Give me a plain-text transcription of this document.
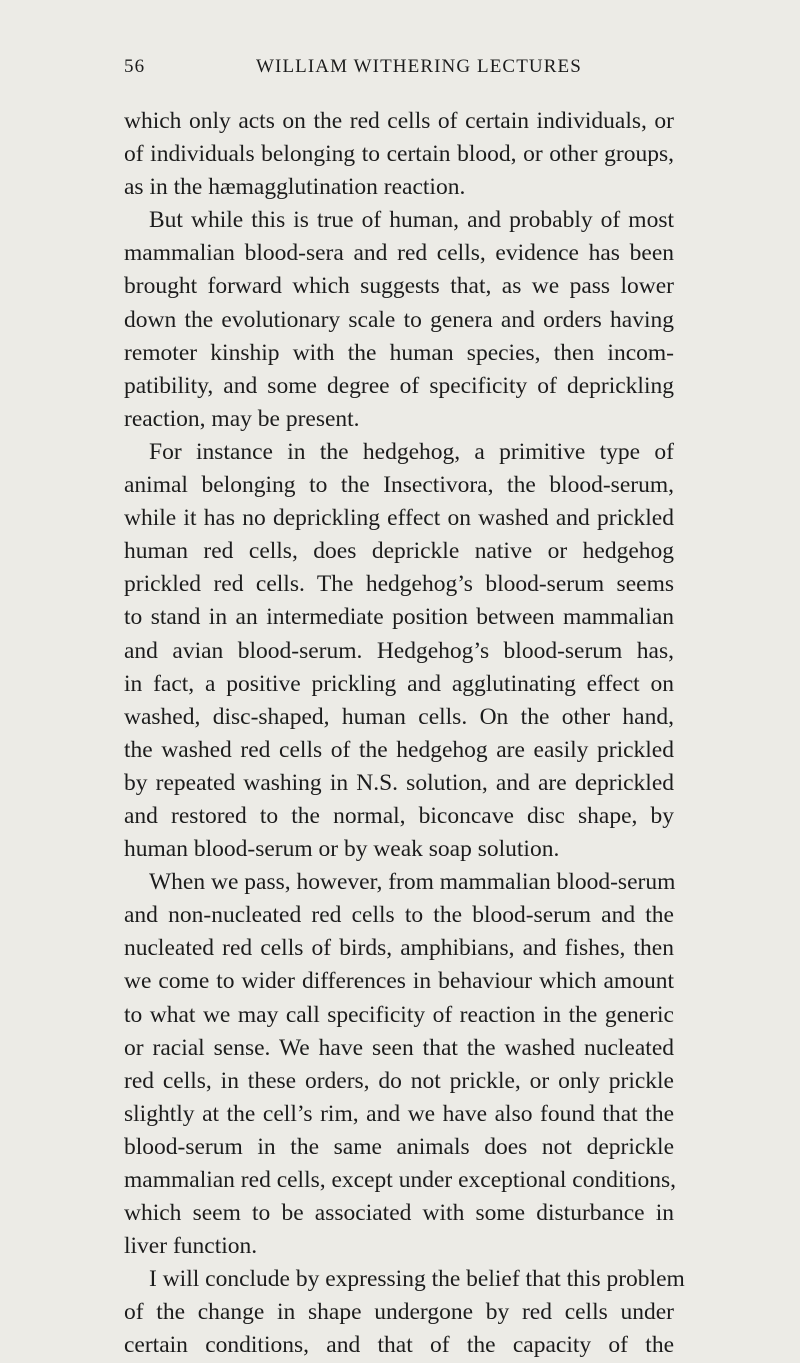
56	WILLIAM WITHERING LECTURES
which only acts on the red cells of certain individuals, or
of individuals belonging to certain blood, or other groups,
as in the hæmagglutination reaction.
But while this is true of human, and probably of most
mammalian blood-sera and red cells, evidence has been
brought forward which suggests that, as we pass lower
down the evolutionary scale to genera and orders having
remoter kinship with the human species, then incom-
patibility, and some degree of specificity of deprickling
reaction, may be present.
For instance in the hedgehog, a primitive type of
animal belonging to the Insectivora, the blood-serum,
while it has no deprickling effect on washed and prickled
human red cells, does deprickle native or hedgehog
prickled red cells. The hedgehog’s blood-serum seems
to stand in an intermediate position between mammalian
and avian blood-serum. Hedgehog’s blood-serum has,
in fact, a positive prickling and agglutinating effect on
washed, disc-shaped, human cells. On the other hand,
the washed red cells of the hedgehog are easily prickled
by repeated washing in N.S. solution, and are deprickled
and restored to the normal, biconcave disc shape, by
human blood-serum or by weak soap solution.
When we pass, however, from mammalian blood-serum
and non-nucleated red cells to the blood-serum and the
nucleated red cells of birds, amphibians, and fishes, then
we come to wider differences in behaviour which amount
to what we may call specificity of reaction in the generic
or racial sense. We have seen that the washed nucleated
red cells, in these orders, do not prickle, or only prickle
slightly at the cell’s rim, and we have also found that the
blood-serum in the same animals does not deprickle
mammalian red cells, except under exceptional conditions,
which seem to be associated with some disturbance in
liver function.
I will conclude by expressing the belief that this problem
of the change in shape undergone by red cells under
certain conditions, and that of the capacity of the
